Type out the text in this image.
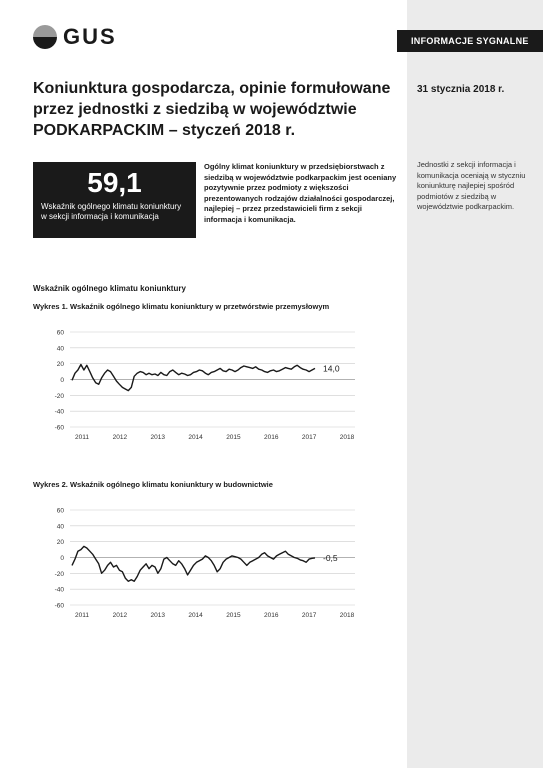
GUS	INFORMACJE SYGNALNE
Koniunktura gospodarcza, opinie formułowane
przez jednostki z siedzibą w województwie
PODKARPACKIM – styczeń 2018 r.
31 stycznia 2018 r.
59,1
Wskaźnik ogólnego klimatu koniunktury w sekcji informacja i komunikacja
Ogólny klimat koniunktury w przedsiębiorstwach z siedzibą w województwie podkarpackim jest oceniany pozytywnie przez podmioty z większości prezentowanych rodzajów działalności gospodarczej, najlepiej – przez przedstawicieli firm z sekcji informacja i komunikacja.
Jednostki z sekcji informacja i komunikacja oceniają w styczniu koniunkturę najlepiej spośród podmiotów z siedzibą w województwie podkarpackim.
Wskaźnik ogólnego klimatu koniunktury
Wykres 1. Wskaźnik ogólnego klimatu koniunktury w przetwórstwie przemysłowym
60
40
20
0
-20
-40
-60
2011	2012	2013	2014	2015	2016	2017	2018
14,0
Wykres 2. Wskaźnik ogólnego klimatu koniunktury w budownictwie
60
40
20
0
-20
-40
-60
2011	2012	2013	2014	2015	2016	2017	2018
-0,5
